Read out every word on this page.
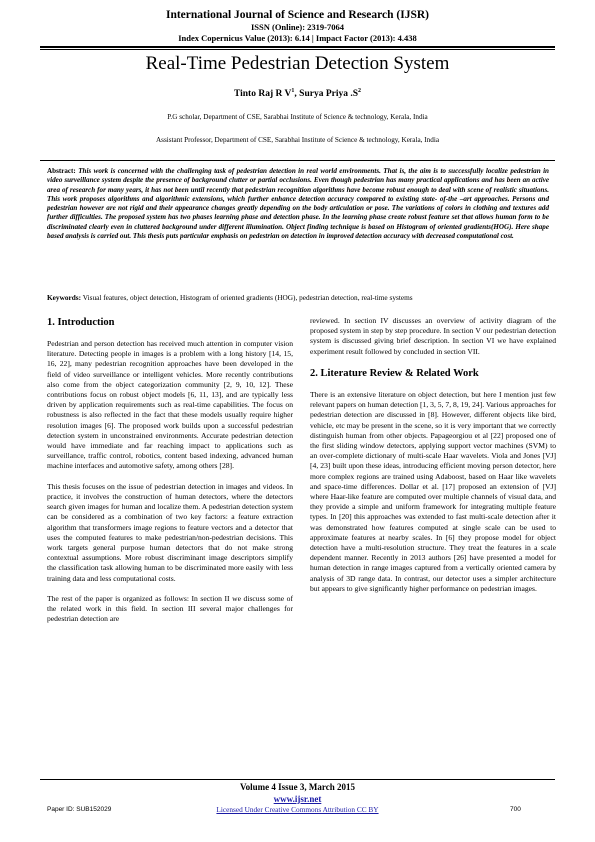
International Journal of Science and Research (IJSR)
ISSN (Online): 2319-7064
Index Copernicus Value (2013): 6.14 | Impact Factor (2013): 4.438
Real-Time Pedestrian Detection System
Tinto Raj R $V^1$, Surya Priya $.S^2$
P.G scholar, Department of CSE, Sarabhai Institute of Science & technology, Kerala, India
Assistant Professor, Department of CSE, Sarabhai Institute of Science & technology, Kerala, India
Abstract: This work is concerned with the challenging task of pedestrian detection in real world environments. That is, the aim is to successfully localize pedestrian in video surveillance system despite the presence of background clutter or partial occlusions. Even though pedestrian has many practical applications and has been an active area of research for many years, it has not been until recently that pedestrian recognition algorithms have become robust enough to deal with scene of realistic situations. This work proposes algorithms and algorithmic extensions, which further enhance detection accuracy compared to existing state- of-the –art approaches. Persons and pedestrian however are not rigid and their appearance changes greatly depending on the body articulation or pose. The variations of colors in clothing and textures add further difficulties. The proposed system has two phases learning phase and detection phase. In the learning phase create robust feature set that allows human form to be discriminated clearly even in cluttered background under different illumination. Object finding technique is based on Histogram of oriented gradients(HOG). Here shape based analysis is carried out. This thesis puts particular emphasis on pedestrian on detection in improved detection accuracy with decreased computational cost.
Keywords: Visual features, object detection, Histogram of oriented gradients (HOG), pedestrian detection, real-time systems
1. Introduction
Pedestrian and person detection has received much attention in computer vision literature. Detecting people in images is a problem with a long history [14, 15, 16, 22], many pedestrian recognition approaches have been developed in the field of video surveillance or intelligent vehicles. More recently contributions also come from the object categorization community [2, 9, 10, 12]. These contributions focus on robust object models [6, 11, 13], and are typically less driven by application requirements such as real-time capabilities. The focus on robustness is also reflected in the fact that these models usually require higher resolution images [6]. The proposed work builds upon a successful pedestrian detection system in unconstrained environments. Accurate pedestrian detection would have immediate and far reaching impact to applications such as surveillance, traffic control, robotics, content based indexing, advanced human machine interfaces and automotive safety, among others [28].
This thesis focuses on the issue of pedestrian detection in images and videos. In practice, it involves the construction of human detectors, where the detectors search given images for human and localize them. A pedestrian detection system can be considered as a combination of two key factors: a feature extraction algorithm that transformers image regions to feature vectors and a detector that uses the computed features to make pedestrian/non-pedestrian decisions. This work targets general purpose human detectors that do not make strong contextual assumptions. More robust discriminant image descriptors simplify the classification task allowing human to be discriminated more easily with less training data and less computational costs.
The rest of the paper is organized as follows: In section II we discuss some of the related work in this field. In section III several major challenges for pedestrian detection are
reviewed. In section IV discusses an overview of activity diagram of the proposed system in step by step procedure. In section V our pedestrian detection system is discussed giving brief description. In section VI we have explained experiment result followed by concluded in section VII.
2. Literature Review & Related Work
There is an extensive literature on object detection, but here I mention just few relevant papers on human detection [1, 3, 5, 7, 8, 19, 24]. Various approaches for pedestrian detection are discussed in [8]. However, different objects like bird, vehicle, etc may be present in the scene, so it is very important that we correctly distinguish human from other objects. Papageorgiou et al [22] proposed one of the first sliding window detectors, applying support vector machines (SVM) to an over-complete dictionary of multi-scale Haar wavelets. Viola and Jones [VJ] [4, 23] built upon these ideas, introducing efficient moving person detector, here more complex regions are trained using Adaboost, based on Haar like wavelets and space-time differences. Dollar et al. [17] proposed an extension of [VJ] where Haar-like feature are computed over multiple channels of visual data, and they provide a simple and uniform framework for integrating multiple feature types. In [20] this approaches was extended to fast multi-scale detection after it was demonstrated how features computed at single scale can be used to approximate features at nearby scales. In [6] they propose model for object detection have a multi-resolution structure. They treat the features in a scale dependent manner. Recently in 2013 authors [26] have presented a model for human detection in range images captured from a vertically oriented camera by analysis of 3D range data. In contrast, our detector uses a simpler architecture but appears to give significantly higher performance on pedestrian images.
Volume 4 Issue 3, March 2015
www.ijsr.net
Licensed Under Creative Commons Attribution CC BY
Paper ID: SUB152029	700
